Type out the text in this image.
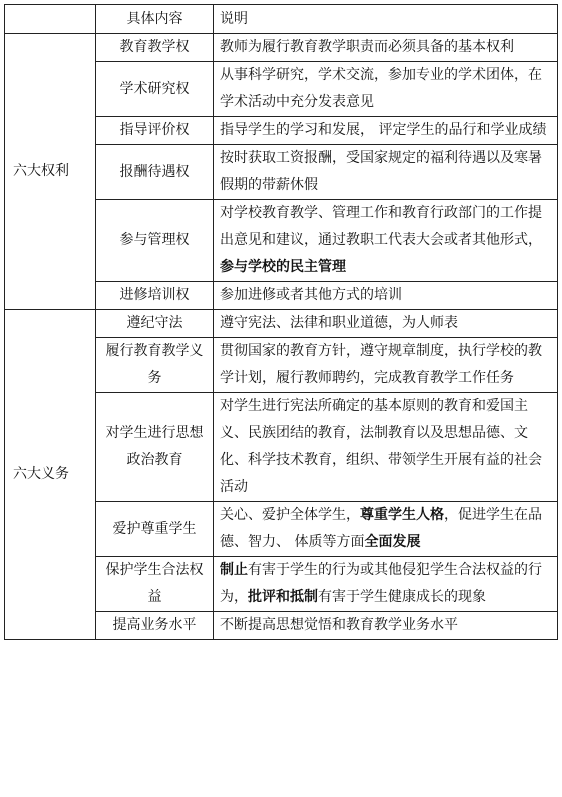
	具体内容	说明
六大权利	教育教学权	教师为履行教育教学职责而必须具备的基本权利
	学术研究权	从事科学研究，学术交流，参加专业的学术团体，在学术活动中充分发表意见
	指导评价权	指导学生的学习和发展， 评定学生的品行和学业成绩
	报酬待遇权	按时获取工资报酬，受国家规定的福利待遇以及寒暑假期的带薪休假
	参与管理权	对学校教育教学、管理工作和教育行政部门的工作提出意见和建议，通过教职工代表大会或者其他形式，参与学校的民主管理
	进修培训权	参加进修或者其他方式的培训
六大义务	遵纪守法	遵守宪法、法律和职业道德，为人师表
	履行教育教学义务	贯彻国家的教育方针，遵守规章制度，执行学校的教学计划，履行教师聘约，完成教育教学工作任务
	对学生进行思想政治教育	对学生进行宪法所确定的基本原则的教育和爱国主义、民族团结的教育，法制教育以及思想品德、文化、科学技术教育，组织、带领学生开展有益的社会活动
	爱护尊重学生	关心、爱护全体学生，尊重学生人格，促进学生在品德、智力、 体质等方面全面发展
	保护学生合法权益	制止有害于学生的行为或其他侵犯学生合法权益的行为，批评和抵制有害于学生健康成长的现象
	提高业务水平	不断提高思想觉悟和教育教学业务水平
